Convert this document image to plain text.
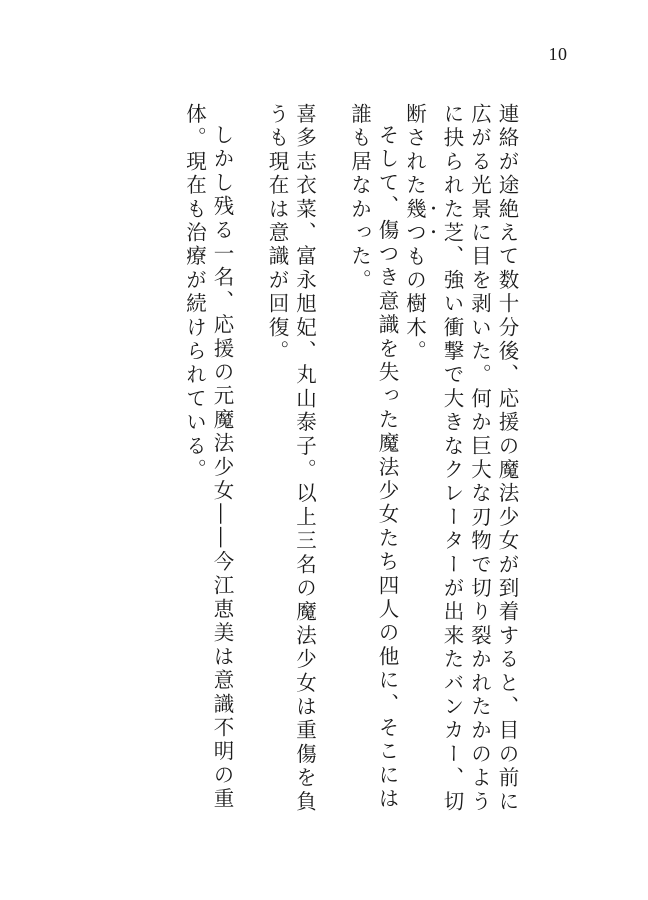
10

連絡が途絶えて数十分後、応援の魔法少女が到着すると、目の前に広がる光景に目を剥いた。何か巨大な刃物で切り裂かれたかのように抉られた芝、強い衝撃で大きなクレーターが出来たバンカー、切断された幾つもの樹木。

そして、傷つき意識を失った魔法少女たち四人の他に、そこには誰も居なかった。

喜多志衣菜、富永旭妃、丸山泰子。以上三名の魔法少女は重傷を負うも現在は意識が回復。

しかし残る一名、応援の元魔法少女――今江恵美は意識不明の重体。現在も治療が続けられている。
